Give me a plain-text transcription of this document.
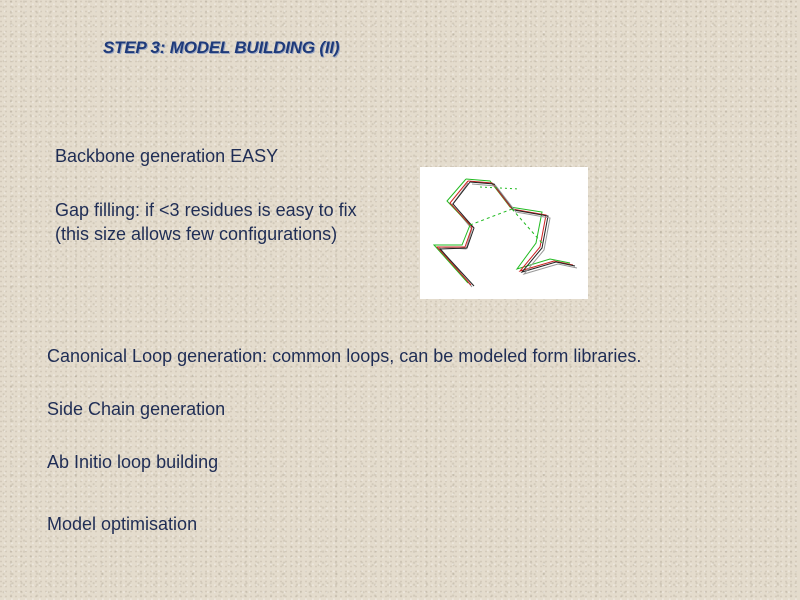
STEP 3: MODEL BUILDING (II)
Backbone generation EASY
Gap filling: if <3 residues is easy to fix
(this size allows few configurations)
Canonical Loop generation: common loops, can be modeled form libraries.
Side Chain generation
Ab Initio loop building
Model optimisation
